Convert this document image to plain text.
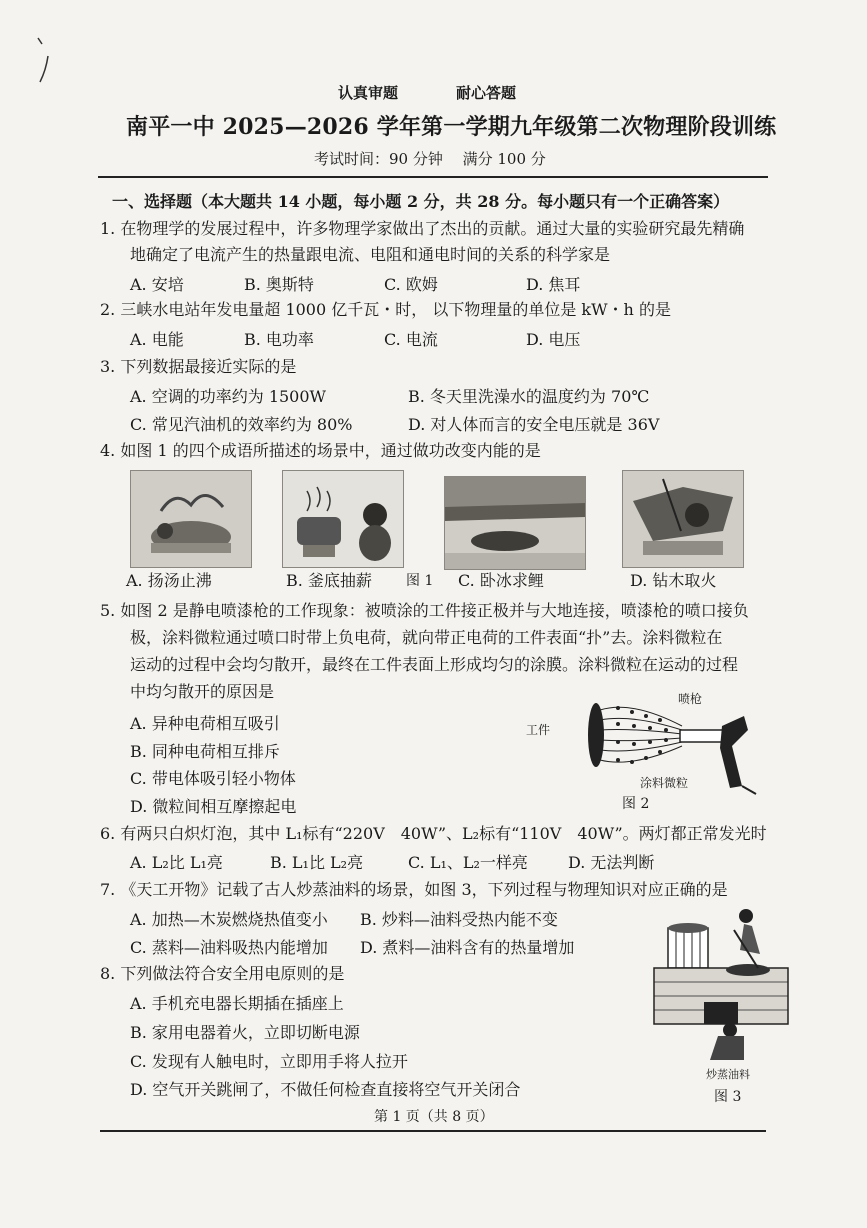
认真审题	耐心答题
南平一中 2025—2026 学年第一学期九年级第二次物理阶段训练
考试时间：90 分钟　 满分 100 分
一、选择题（本大题共 14 小题，每小题 2 分，共 28 分。每小题只有一个正确答案）
1. 在物理学的发展过程中，许多物理学家做出了杰出的贡献。通过大量的实验研究最先精确
地确定了电流产生的热量跟电流、电阻和通电时间的关系的科学家是
A. 安培	B. 奥斯特	C. 欧姆	D. 焦耳
2. 三峡水电站年发电量超 1000 亿千瓦・时， 以下物理量的单位是 kW・h 的是
A. 电能	B. 电功率	C. 电流	D. 电压
3. 下列数据最接近实际的是
A. 空调的功率约为 1500W	B. 冬天里洗澡水的温度约为 70℃
C. 常见汽油机的效率约为 80%	D. 对人体而言的安全电压就是 36V
4. 如图 1 的四个成语所描述的场景中，通过做功改变内能的是
A. 扬汤止沸	B. 釜底抽薪 图 1 C. 卧冰求鲤	D. 钻木取火
5. 如图 2 是静电喷漆枪的工作现象：被喷涂的工件接正极并与大地连接，喷漆枪的喷口接负
极，涂料微粒通过喷口时带上负电荷，就向带正电荷的工件表面“扑”去。涂料微粒在
运动的过程中会均匀散开，最终在工件表面上形成均匀的涂膜。涂料微粒在运动的过程
中均匀散开的原因是
A. 异种电荷相互吸引
B. 同种电荷相互排斥
C. 带电体吸引轻小物体
D. 微粒间相互摩擦起电
工件
喷枪
涂料微粒
图 2
6. 有两只白炽灯泡，其中 L₁标有“220V　40W”、L₂标有“110V　40W”。两灯都正常发光时
A. L₂比 L₁亮	B. L₁比 L₂亮	C. L₁、L₂一样亮	D. 无法判断
7. 《天工开物》记载了古人炒蒸油料的场景，如图 3，下列过程与物理知识对应正确的是
A. 加热—木炭燃烧热值变小 B. 炒料—油料受热内能不变
C. 蒸料—油料吸热内能增加 D. 煮料—油料含有的热量增加
8. 下列做法符合安全用电原则的是
A. 手机充电器长期插在插座上
B. 家用电器着火，立即切断电源
C. 发现有人触电时，立即用手将人拉开
D. 空气开关跳闸了，不做任何检查直接将空气开关闭合
炒蒸油料
图 3
第 1 页（共 8 页）
